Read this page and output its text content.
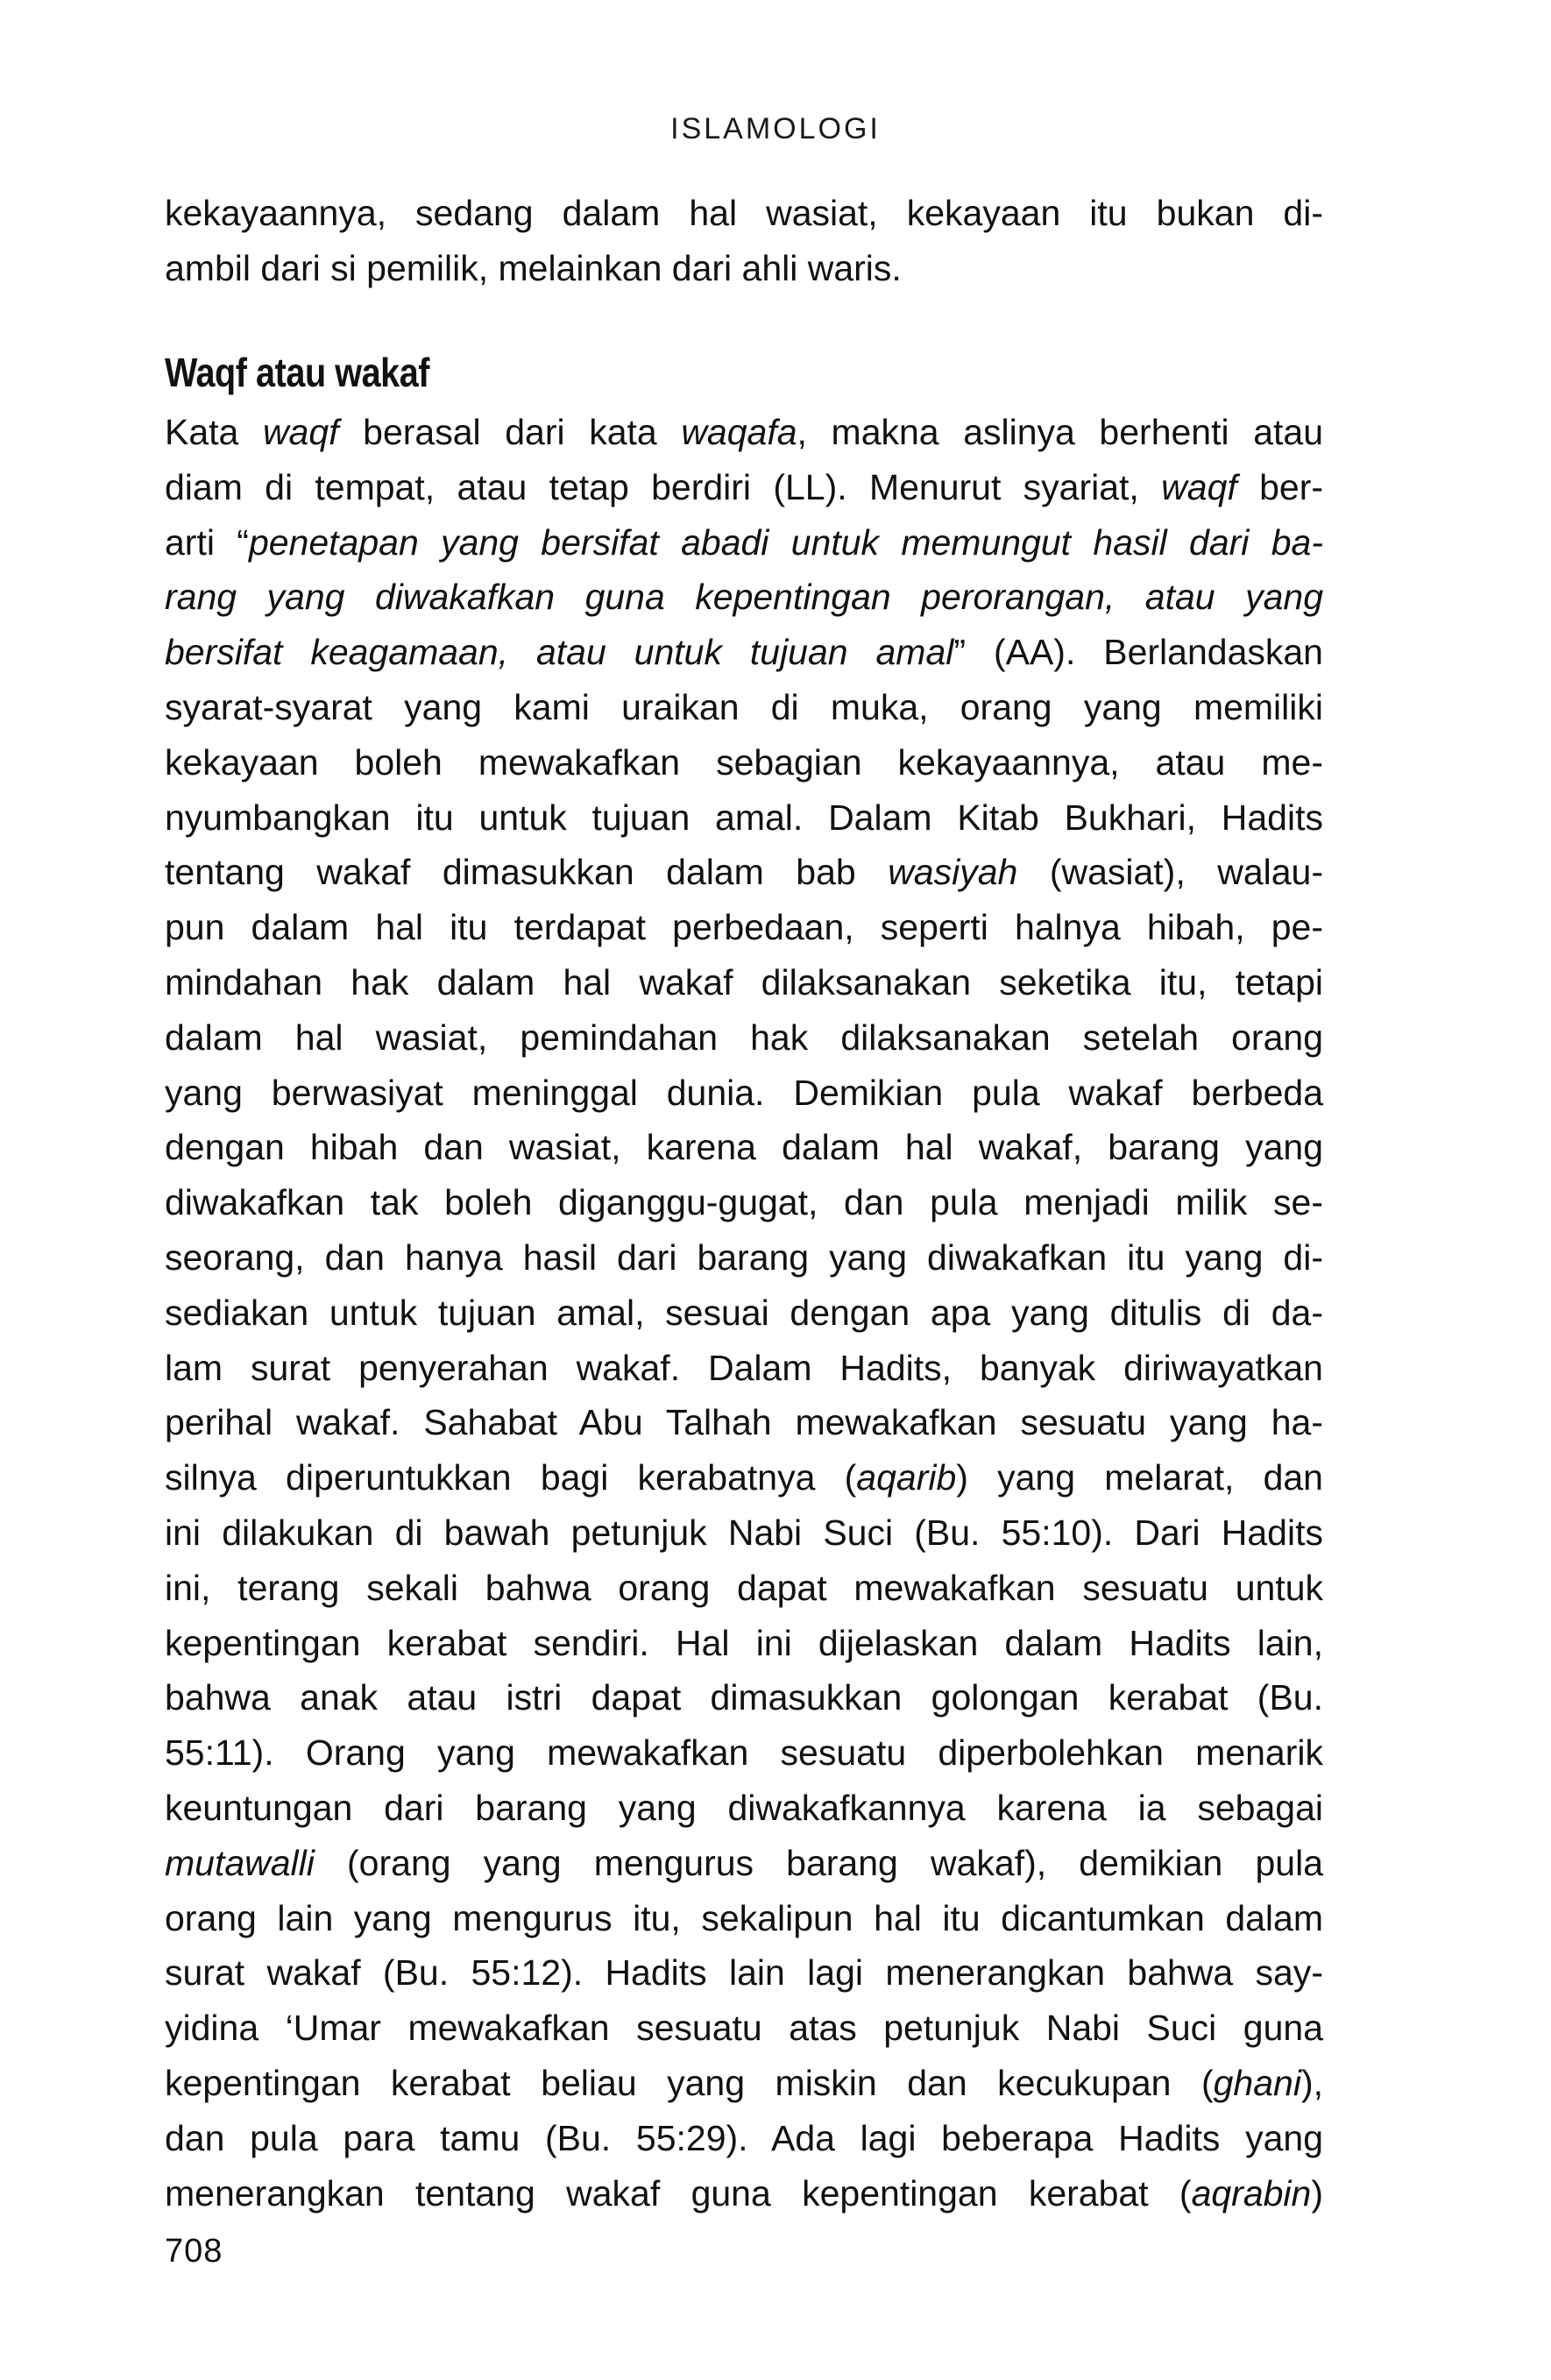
ISLAMOLOGI
kekayaannya, sedang dalam hal wasiat, kekayaan itu bukan di-
ambil dari si pemilik, melainkan dari ahli waris.
Waqf atau wakaf
Kata waqf berasal dari kata waqafa, makna aslinya berhenti atau
diam di tempat, atau tetap berdiri (LL). Menurut syariat, waqf ber-
arti “penetapan yang bersifat abadi untuk memungut hasil dari ba-
rang yang diwakafkan guna kepentingan perorangan, atau yang
bersifat keagamaan, atau untuk tujuan amal” (AA). Berlandaskan
syarat-syarat yang kami uraikan di muka, orang yang memiliki
kekayaan boleh mewakafkan sebagian kekayaannya, atau me-
nyumbangkan itu untuk tujuan amal. Dalam Kitab Bukhari, Hadits
tentang wakaf dimasukkan dalam bab wasiyah (wasiat), walau-
pun dalam hal itu terdapat perbedaan, seperti halnya hibah, pe-
mindahan hak dalam hal wakaf dilaksanakan seketika itu, tetapi
dalam hal wasiat, pemindahan hak dilaksanakan setelah orang
yang berwasiyat meninggal dunia. Demikian pula wakaf berbeda
dengan hibah dan wasiat, karena dalam hal wakaf, barang yang
diwakafkan tak boleh diganggu-gugat, dan pula menjadi milik se-
seorang, dan hanya hasil dari barang yang diwakafkan itu yang di-
sediakan untuk tujuan amal, sesuai dengan apa yang ditulis di da-
lam surat penyerahan wakaf. Dalam Hadits, banyak diriwayatkan
perihal wakaf. Sahabat Abu Talhah mewakafkan sesuatu yang ha-
silnya diperuntukkan bagi kerabatnya (aqarib) yang melarat, dan
ini dilakukan di bawah petunjuk Nabi Suci (Bu. 55:10). Dari Hadits
ini, terang sekali bahwa orang dapat mewakafkan sesuatu untuk
kepentingan kerabat sendiri. Hal ini dijelaskan dalam Hadits lain,
bahwa anak atau istri dapat dimasukkan golongan kerabat (Bu.
55:11). Orang yang mewakafkan sesuatu diperbolehkan menarik
keuntungan dari barang yang diwakafkannya karena ia sebagai
mutawalli (orang yang mengurus barang wakaf), demikian pula
orang lain yang mengurus itu, sekalipun hal itu dicantumkan dalam
surat wakaf (Bu. 55:12). Hadits lain lagi menerangkan bahwa say-
yidina ‘Umar mewakafkan sesuatu atas petunjuk Nabi Suci guna
kepentingan kerabat beliau yang miskin dan kecukupan (ghani),
dan pula para tamu (Bu. 55:29). Ada lagi beberapa Hadits yang
menerangkan tentang wakaf guna kepentingan kerabat (aqrabin)
708
